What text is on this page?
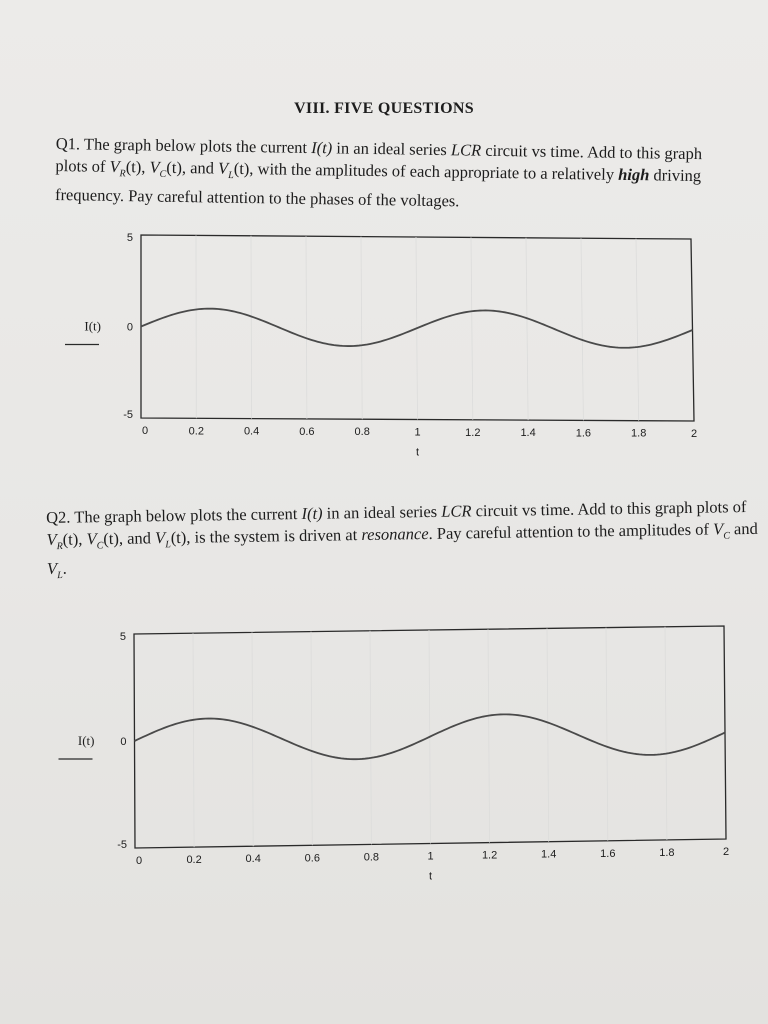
VIII. FIVE QUESTIONS
Q1. The graph below plots the current I(t) in an ideal series LCR circuit vs time. Add to this graph plots of $V_R(t)$, $V_C(t)$, and $V_L(t)$, with the amplitudes of each appropriate to a relatively high driving frequency. Pay careful attention to the phases of the voltages.
5
0
-5
0	0.2	0.4	0.6	0.8	1	1.2	1.4	1.6	1.8	2
t
I(t)
Q2. The graph below plots the current I(t) in an ideal series LCR circuit vs time. Add to this graph plots of $V_R(t)$, $V_C(t)$, and $V_L(t)$, is the system is driven at resonance. Pay careful attention to the amplitudes of $V_C$ and $V_L$.
5
0
-5
0	0.2	0.4	0.6	0.8	1	1.2	1.4	1.6	1.8	2
t
I(t)
